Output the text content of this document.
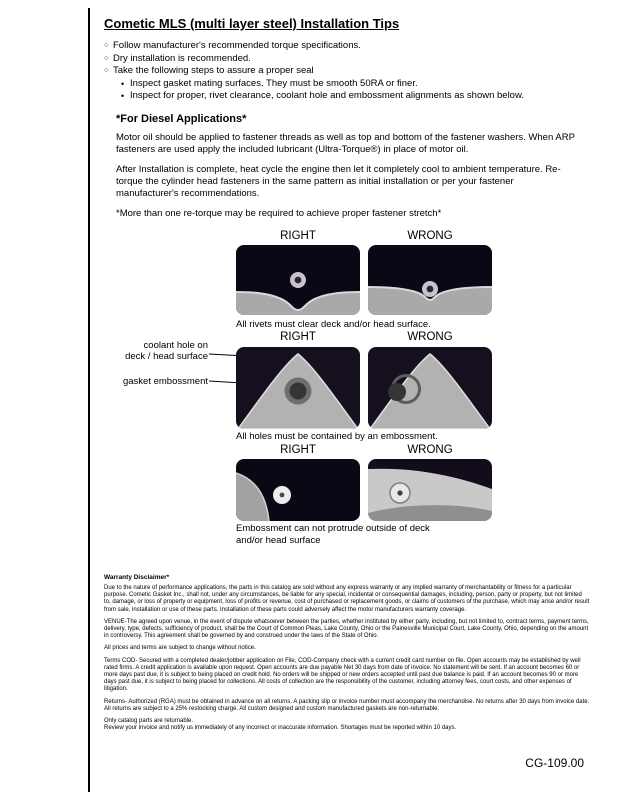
Cometic MLS (multi layer steel) Installation Tips
○ Follow manufacturer's recommended torque specifications.
○ Dry installation is recommended.
○ Take the following steps to assure a proper seal
• Inspect gasket mating surfaces. They must be smooth 50RA or finer.
• Inspect for proper, rivet clearance, coolant hole and embossment alignments as shown below.
*For Diesel Applications*

Motor oil should be applied to fastener threads as well as top and bottom of the fastener washers. When ARP fasteners are used apply the included lubricant (Ultra-Torque®) in place of motor oil.

After Installation is complete, heat cycle the engine then let it completely cool to ambient temperature. Re-torque the cylinder head fasteners in the same pattern as initial installation or per your fastener manufacturer's recommendations.

*More than one re-torque may be required to achieve proper fastener stretch*

RIGHT	WRONG
All rivets must clear deck and/or head surface.
RIGHT	WRONG
coolant hole on
deck / head surface
gasket embossment
All holes must be contained by an embossment.
RIGHT	WRONG
Embossment can not protrude outside of deck
and/or head surface
Warranty Disclaimer*

Due to the nature of performance applications, the parts in this catalog are sold without any express warranty or any implied warranty of merchantability or fitness for a particular purpose. Cometic Gasket Inc., shall not, under any circumstances, be liable for any special, incidental or consequential damages, including, person, party or property, but not limited to, damage, or loss of property or equipment, loss of profits or revenue, cost of purchased or replacement goods, or claims of customers of the purchase, which may arise and/or result from sale, installation or use of these parts. Installation of these parts could adversely affect the motor manufacturers warranty coverage.

VENUE-The agreed upon venue, in the event of dispute whatsoever between the parties, whether instituted by either party, including, but not limited to, contract terms, payment terms, delivery, type, defects, sufficiency of product, shall be the Court of Common Pleas, Lake County, Ohio or the Painesville Municipal Court, Lake County, Ohio, depending on the amount in controversy. This agreement shall be governed by and construed under the laws of the State of Ohio.

All prices and terms are subject to change without notice.

Terms COD- Secured with a completed dealer/jobber application on File, COD-Company check with a current credit card number on file. Open accounts may be established by well rated firms. A credit application is available upon request. Open accounts are due payable Net 30 days from date of invoice. No statement will be sent. If an account becomes 60 or more days past due, it is subject to being placed on credit hold. No orders will be shipped or new orders accepted until past due balance is paid. If an account becomes 90 or more days past due, it is subject to being placed for collections. All costs of collection are the responsibility of the customer, including attorney fees, court costs, and other expenses of litigation.

Returns- Authorized (RGA) must be obtained in advance on all returns. A packing slip or invoice number must accompany the merchandise. No returns after 30 days from invoice date. All returns are subject to a 25% restocking charge. All custom designed and custom manufactured gaskets are non-returnable.

Only catalog parts are returnable.

Review your invoice and notify us immediately of any incorrect or inaccurate information. Shortages must be reported within 10 days.

CG-109.00
